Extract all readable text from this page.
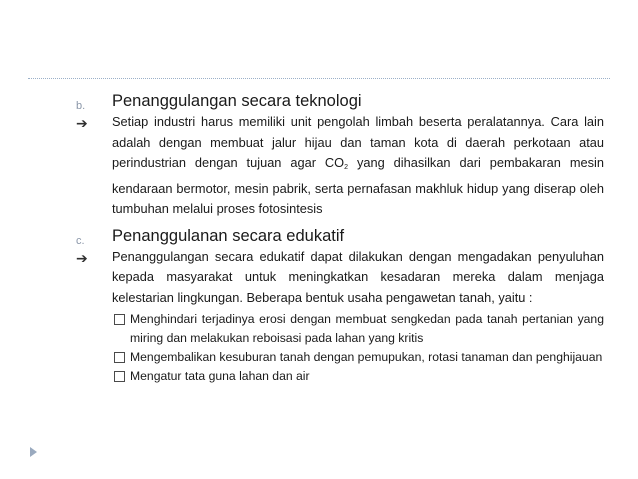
b. Penanggulangan secara teknologi
➔ Setiap industri harus memiliki unit pengolah limbah beserta peralatannya. Cara lain adalah dengan membuat jalur hijau dan taman kota di daerah perkotaan atau perindustrian dengan tujuan agar $CO_2$ yang dihasilkan dari pembakaran mesin kendaraan bermotor, mesin pabrik, serta pernafasan makhluk hidup yang diserap oleh tumbuhan melalui proses fotosintesis
c. Penanggulanan secara edukatif
➔ Penanggulangan secara edukatif dapat dilakukan dengan mengadakan penyuluhan kepada masyarakat untuk meningkatkan kesadaran mereka dalam menjaga kelestarian lingkungan. Beberapa bentuk usaha pengawetan tanah, yaitu :
Menghindari terjadinya erosi dengan membuat sengkedan pada tanah pertanian yang miring dan melakukan reboisasi pada lahan yang kritis
Mengembalikan kesuburan tanah dengan pemupukan, rotasi tanaman dan penghijauan
Mengatur tata guna lahan dan air
